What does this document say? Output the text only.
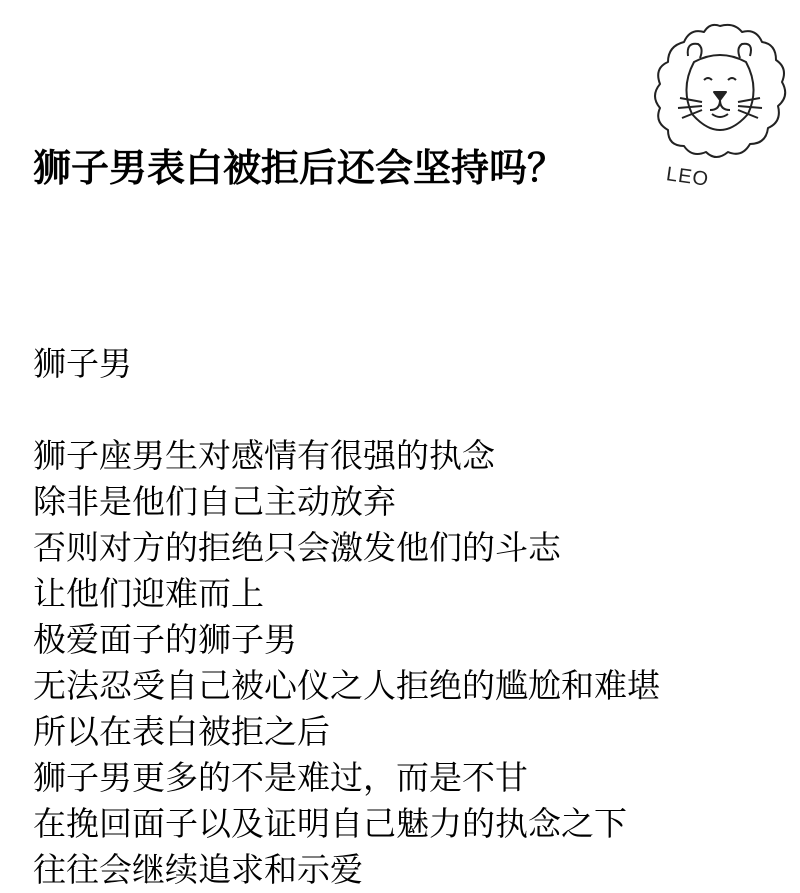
狮子男表白被拒后还会坚持吗？	LEO
狮子男
狮子座男生对感情有很强的执念
除非是他们自己主动放弃
否则对方的拒绝只会激发他们的斗志
让他们迎难而上
极爱面子的狮子男
无法忍受自己被心仪之人拒绝的尴尬和难堪
所以在表白被拒之后
狮子男更多的不是难过，而是不甘
在挽回面子以及证明自己魅力的执念之下
往往会继续追求和示爱
